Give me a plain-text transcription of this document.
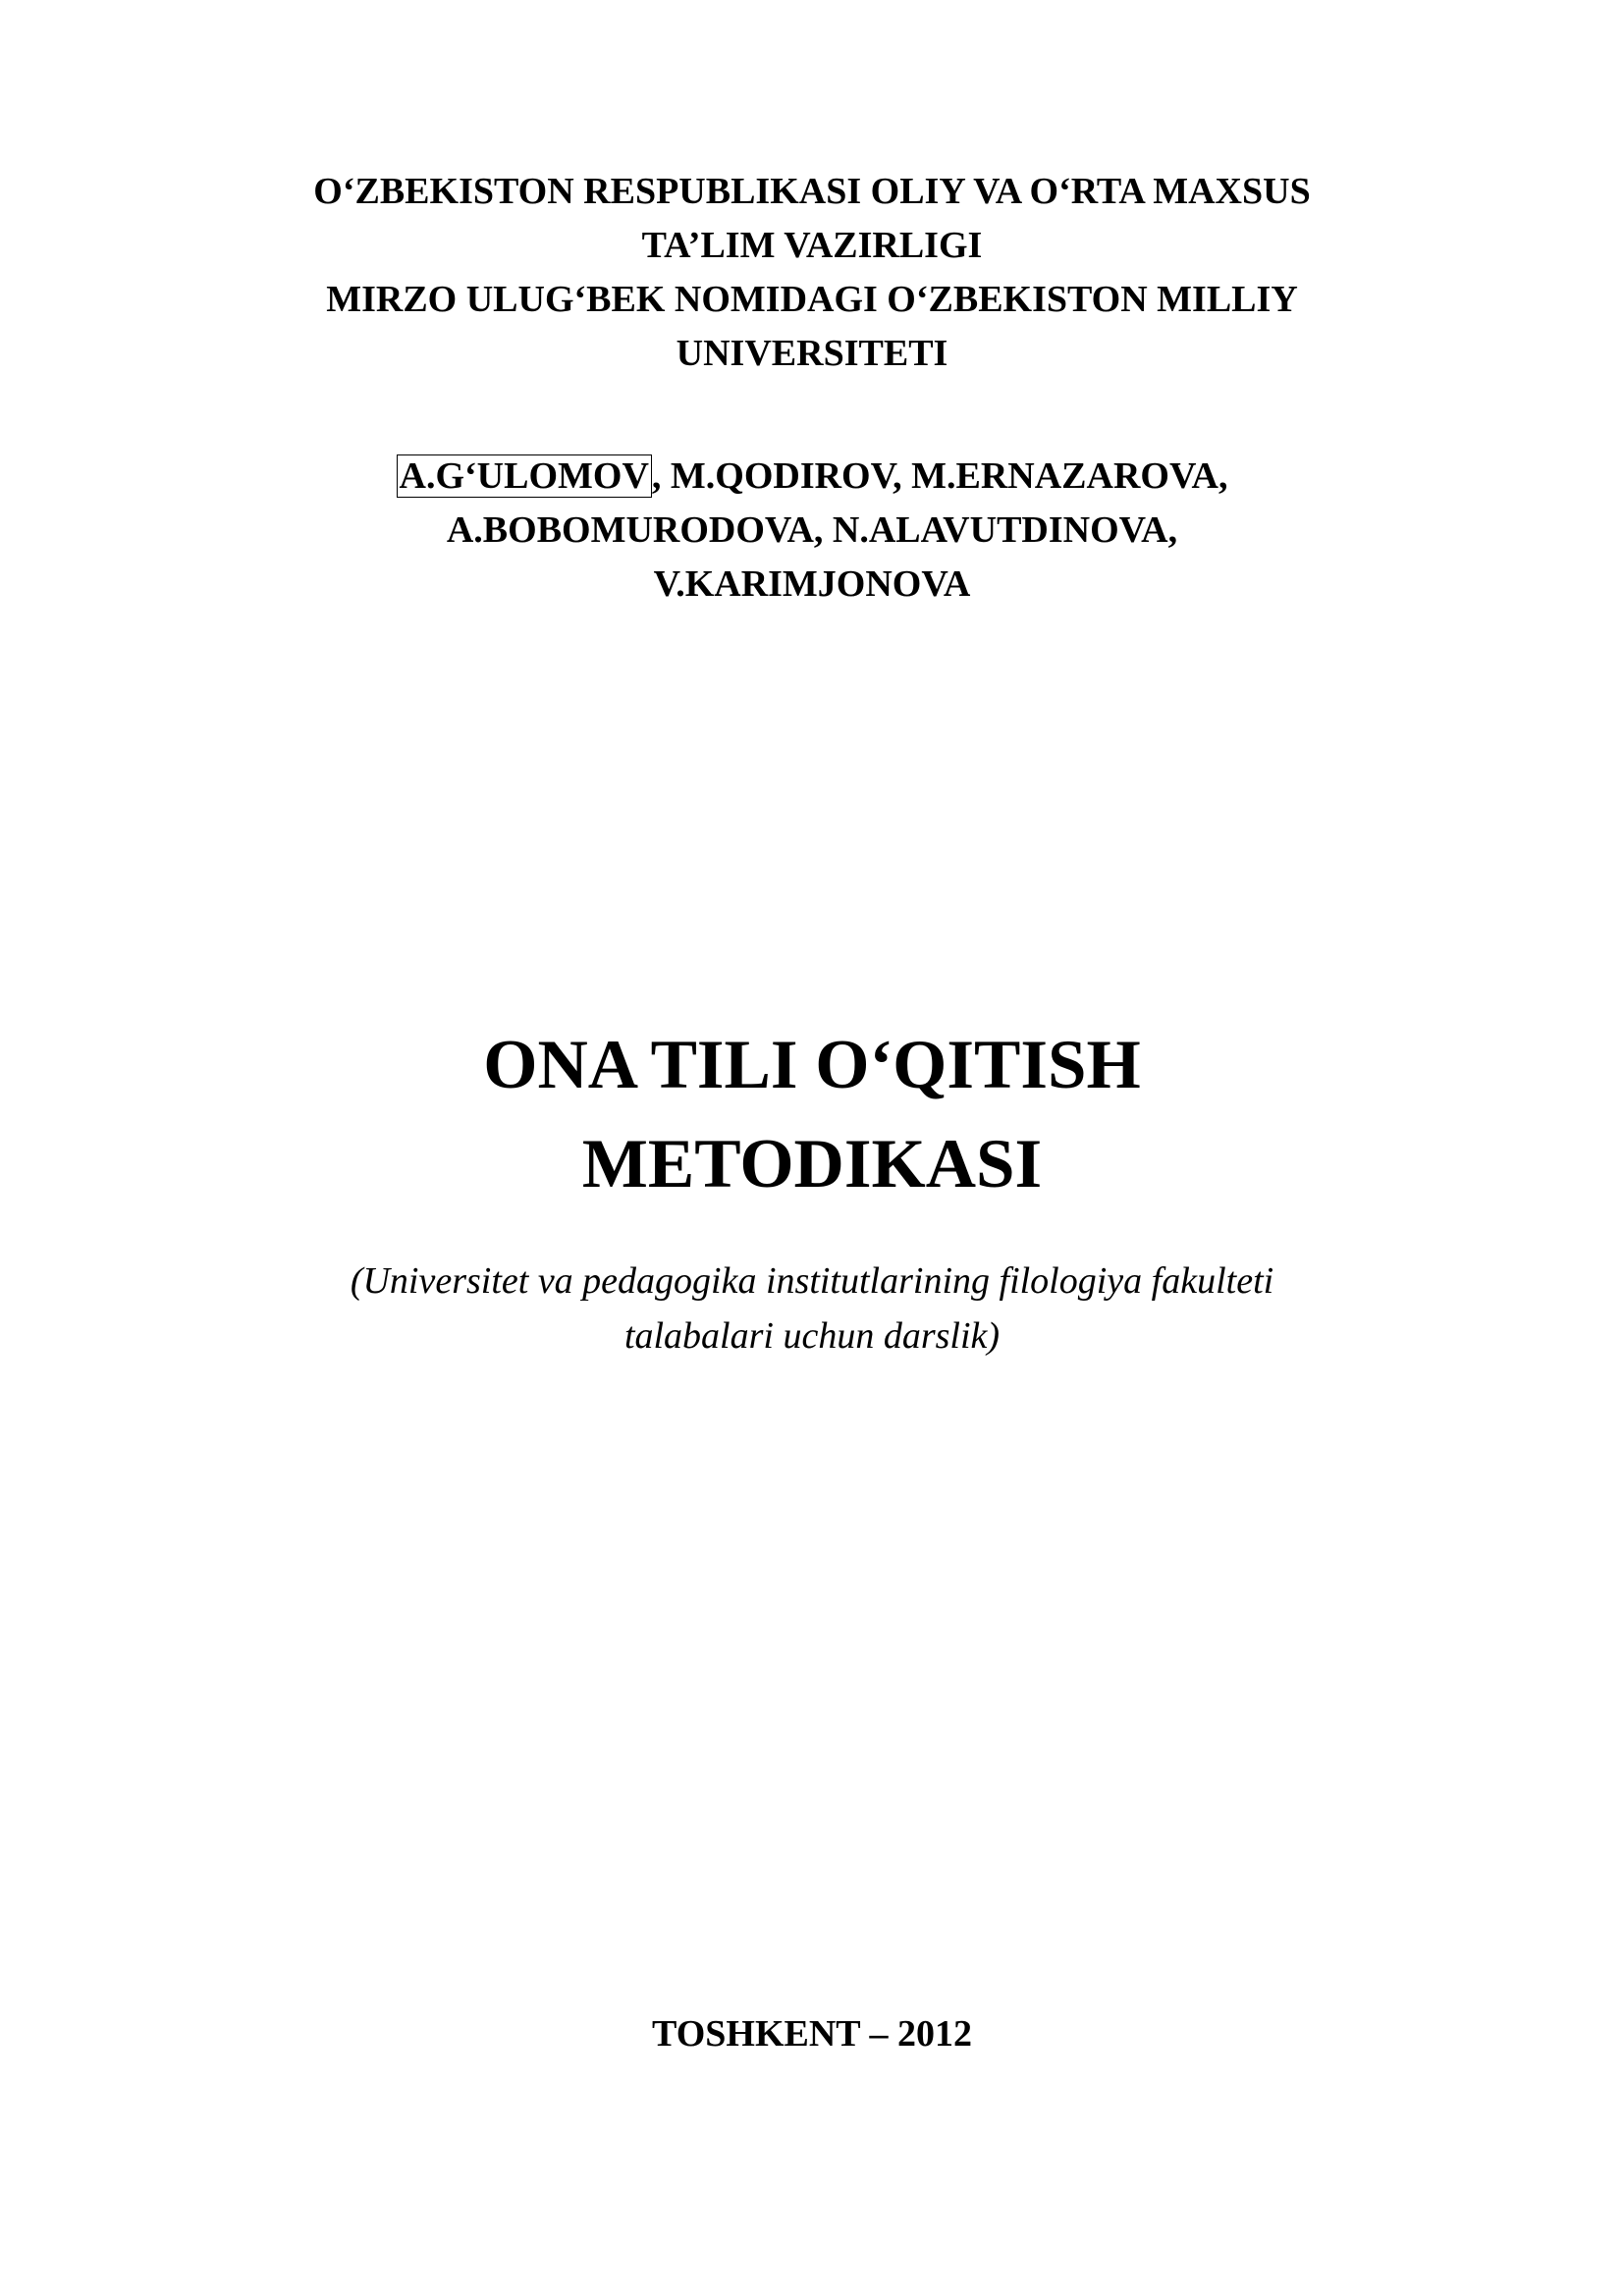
O‘ZBEKISTON RESPUBLIKASI OLIY VA O‘RTA MAXSUS
TA’LIM VAZIRLIGI
MIRZO ULUG‘BEK NOMIDAGI O‘ZBEKISTON MILLIY
UNIVERSITETI
A.G‘ULOMOV, M.QODIROV, M.ERNAZAROVA,
A.BOBOMURODOVA, N.ALAVUTDINOVA,
V.KARIMJONOVA
ONA TILI O‘QITISH
METODIKASI
(Universitet va pedagogika institutlarining filologiya fakulteti
talabalari uchun darslik)
TOSHKENT – 2012
